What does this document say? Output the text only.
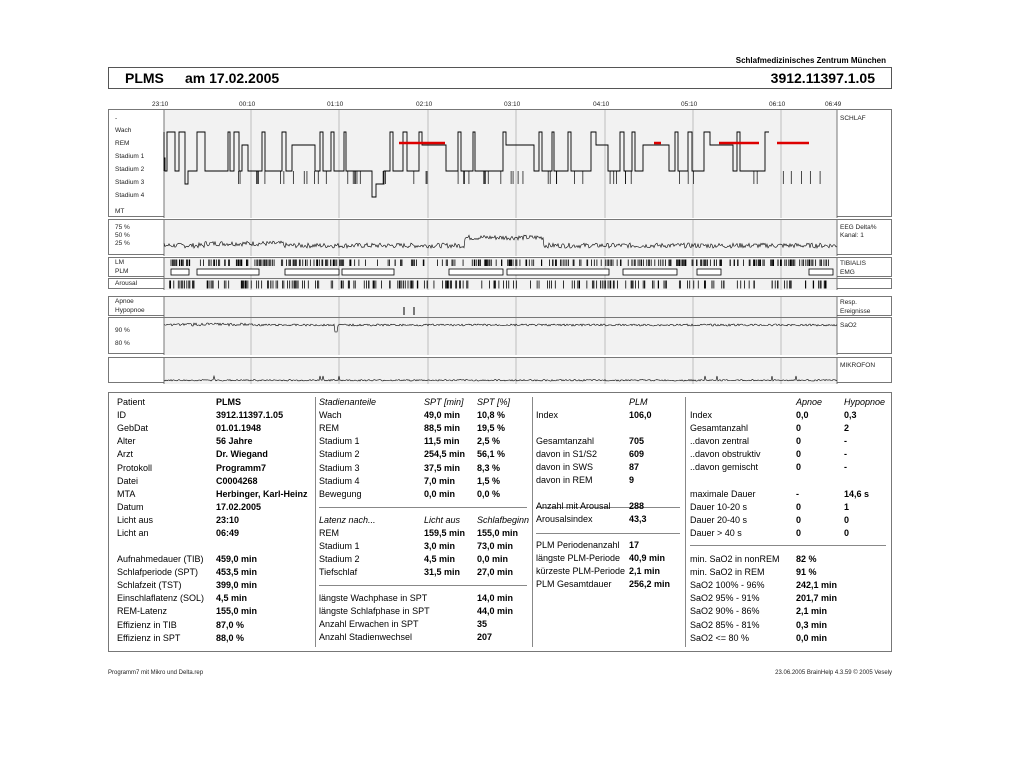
Schlafmedizinisches Zentrum München
PLMS am 17.02.2005	3912.11397.1.05
23:10	00:10	01:10	02:10	03:10	04:10	05:10	06:10	06:49
SCHLAF
-
Wach
REM
Stadium 1
Stadium 2
Stadium 3
Stadium 4
MT
75 %
50 %
25 %
EEG Delta%
Kanal: 1
LM
PLM
TIBIALIS
EMG
Arousal
Apnoe
Hypopnoe
Resp.
Ereignisse
90 %
80 %
SaO2
MIKROFON
Patient	PLMS
ID	3912.11397.1.05
GebDat	01.01.1948
Alter	56 Jahre
Arzt	Dr. Wiegand
Protokoll	Programm7
Datei	C0004268
MTA	Herbinger, Karl-Heinz
Datum	17.02.2005
Licht aus	23:10
Licht an	06:49
Aufnahmedauer (TIB) 459,0 min
Schlafperiode (SPT) 453,5 min
Schlafzeit (TST)	399,0 min
Einschlaflatenz (SOL) 4,5 min
REM-Latenz	155,0 min
Effizienz in TIB	87,0 %
Effizienz in SPT	88,0 %
Stadienanteile	SPT [min] SPT [%]
Wach	49,0 min 10,8 %
REM	88,5 min 19,5 %
Stadium 1	11,5 min 2,5 %
Stadium 2	254,5 min 56,1 %
Stadium 3	37,5 min 8,3 %
Stadium 4	7,0 min 1,5 %
Bewegung	0,0 min 0,0 %
Latenz nach...	Licht aus Schlafbeginn
REM	159,5 min 155,0 min
Stadium 1	3,0 min 73,0 min
Stadium 2	4,5 min 0,0 min
Tiefschlaf	31,5 min 27,0 min
längste Wachphase in SPT	14,0 min
längste Schlafphase in SPT	44,0 min
Anzahl Erwachen in SPT	35
Anzahl Stadienwechsel	207
PLM
Index	106,0
Gesamtanzahl	705
davon in S1/S2	609
davon in SWS	87
davon in REM	9
Anzahl mit Arousal 288
Arousalsindex	43,3
PLM Periodenanzahl 17
längste PLM-Periode 40,9 min
kürzeste PLM-Periode 2,1 min
PLM Gesamtdauer 256,2 min
Apnoe Hypopnoe
Index	0,0	0,3
Gesamtanzahl	0	2
..davon zentral	0	-
..davon obstruktiv	0	-
..davon gemischt	0	-
maximale Dauer	-	14,6 s
Dauer 10-20 s	0	1
Dauer 20-40 s	0	0
Dauer > 40 s	0	0
min. SaO2 in nonREM 82 %
min. SaO2 in REM	91 %
SaO2 100% - 96%	242,1 min
SaO2 95% - 91%	201,7 min
SaO2 90% - 86%	2,1 min
SaO2 85% - 81%	0,3 min
SaO2 <= 80 %	0,0 min
Programm7 mit Mikro und Delta.rep	23.06.2005 BrainHelp 4.3.59 © 2005 Vesely
